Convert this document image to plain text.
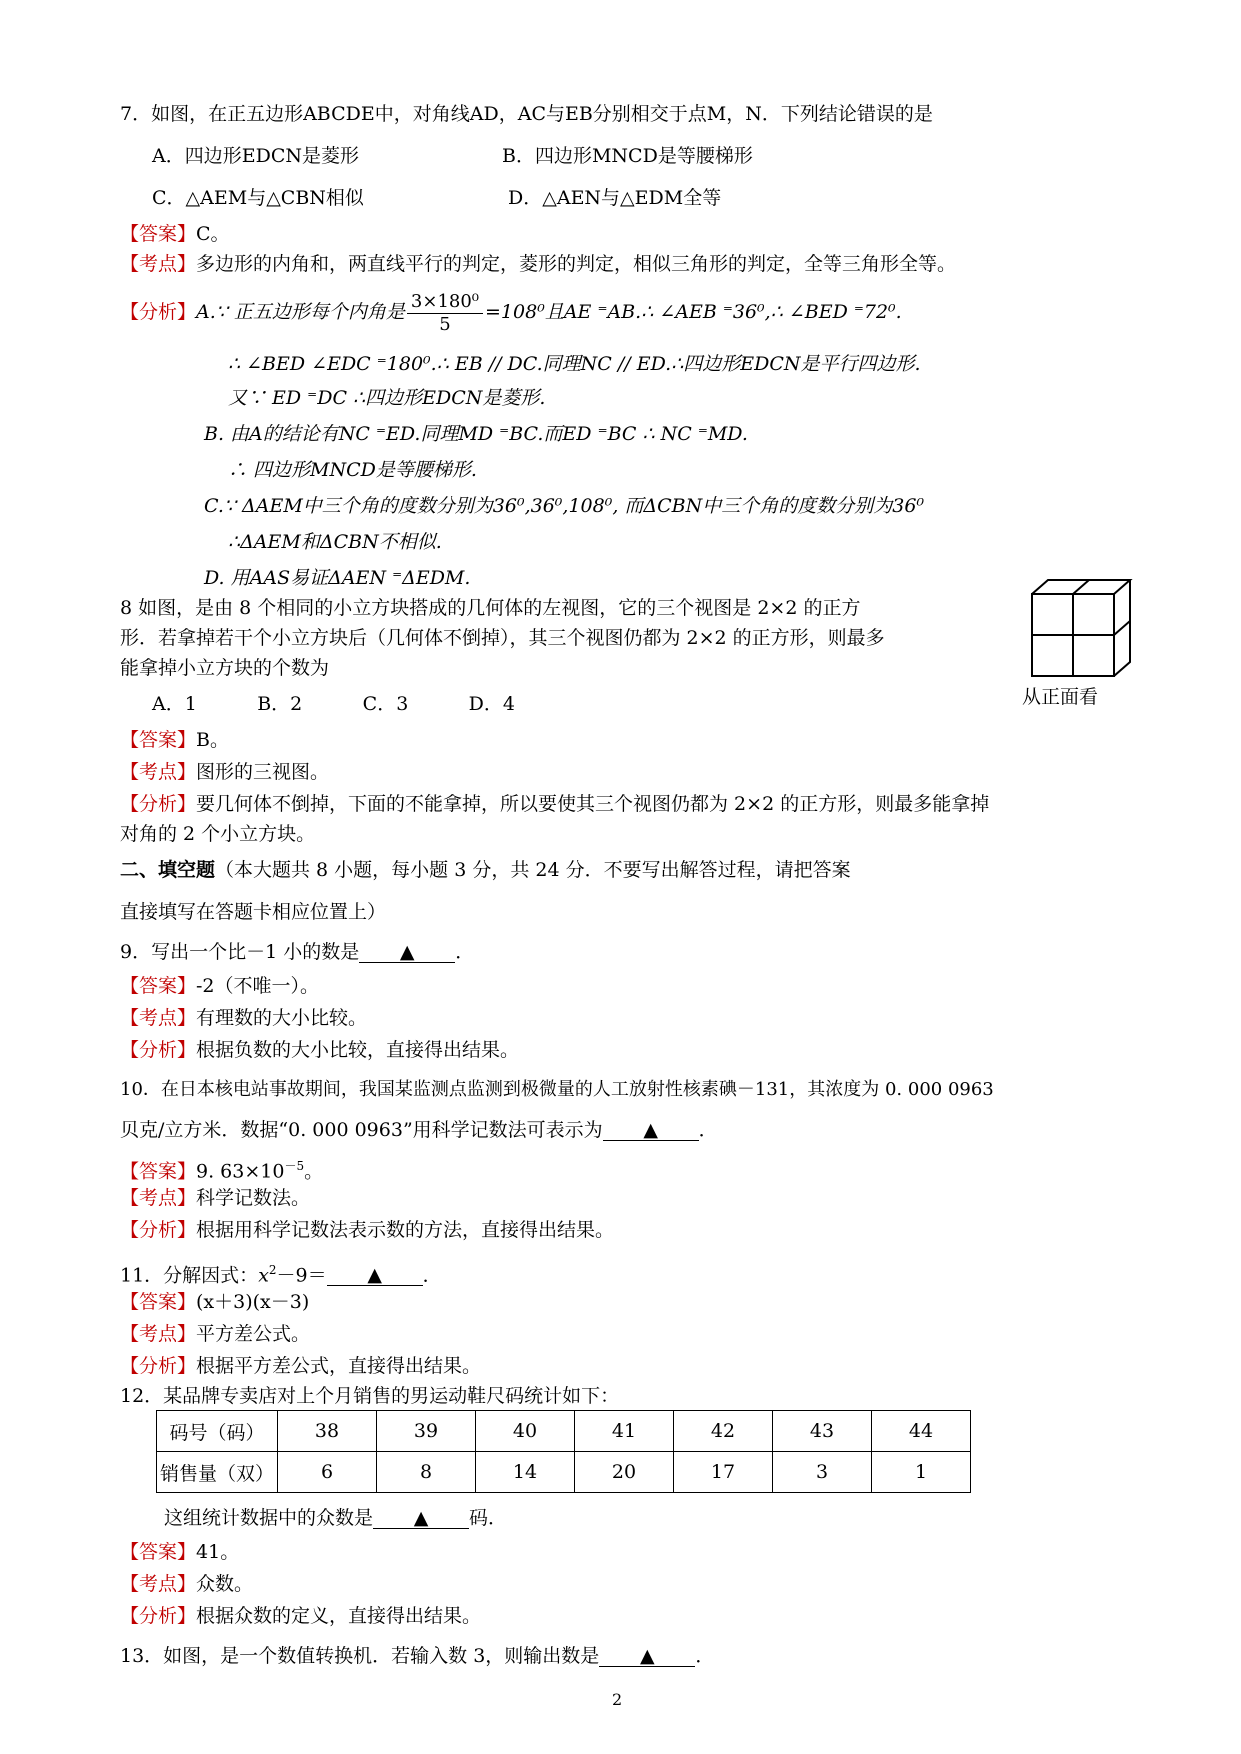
7．如图，在正五边形ABCDE中，对角线AD，AC与EB分别相交于点M，N．下列结论错误的是
A．四边形EDCN是菱形	B．四边形MNCD是等腰梯形
C．△AEM与△CBN相似	D．△AEN与△EDM全等
【答案】C。
【考点】多边形的内角和，两直线平行的判定，菱形的判定，相似三角形的判定，全等三角形全等。
【分析】A.∵ 正五边形每个内角是 $\frac{\text{3×180⁰}}{5} =108^0$且AE ⁼AB.∴ ∠AEB ⁼36⁰,∴ ∠BED ⁼72⁰.
∴ ∠BED ∠EDC ⁼180⁰.∴ EB // DC.同理NC // ED.∴四边形EDCN是平行四边形.
又∵ ED ⁼DC ∴四边形EDCN是菱形.
B. 由A的结论有NC ⁼ED.同理MD ⁼BC.而ED ⁼BC ∴ NC ⁼MD.
∴ 四边形MNCD是等腰梯形.
C.∵ ΔAEM中三个角的度数分别为36⁰,36⁰,108⁰, 而ΔCBN中三个角的度数分别为36⁰
∴ΔAEM和ΔCBN不相似.
D. 用AAS易证ΔAEN ⁼ΔEDM.
8 如图，是由 8 个相同的小立方块搭成的几何体的左视图，它的三个视图是 2×2 的正方
形．若拿掉若干个小立方块后（几何体不倒掉），其三个视图仍都为 2×2 的正方形，则最多
能拿掉小立方块的个数为
A．1          B．2          C．3          D．4	从正面看
【答案】B。
【考点】图形的三视图。
【分析】要几何体不倒掉，下面的不能拿掉，所以要使其三个视图仍都为 2×2 的正方形，则最多能拿掉
对角的 2 个小立方块。
二、填空题（本大题共 8 小题，每小题 3 分，共 24 分．不要写出解答过程，请把答案
直接填写在答题卡相应位置上）
9．写出一个比－1 小的数是 ▲ ．
【答案】-2（不唯一）。
【考点】有理数的大小比较。
【分析】根据负数的大小比较，直接得出结果。
10．在日本核电站事故期间，我国某监测点监测到极微量的人工放射性核素碘－131，其浓度为 0. 000 0963
贝克/立方米．数据“0. 000 0963”用科学记数法可表示为 ▲ ．
【答案】9. $63\times 10^{-5}$。
【考点】科学记数法。
【分析】根据用科学记数法表示数的方法，直接得出结果。
11．分解因式：$x^2-9=$ ▲ ．
【答案】(x＋3)(x－3)
【考点】平方差公式。
【分析】根据平方差公式，直接得出结果。
12．某品牌专卖店对上个月销售的男运动鞋尺码统计如下：
码号（码）	38	39	40	41	42	43	44
销售量（双）	6	8	14	20	17	3	1
这组统计数据中的众数是 ▲ 码．
【答案】41。
【考点】众数。
【分析】根据众数的定义，直接得出结果。
13．如图，是一个数值转换机．若输入数 3，则输出数是 ▲ ．
2
